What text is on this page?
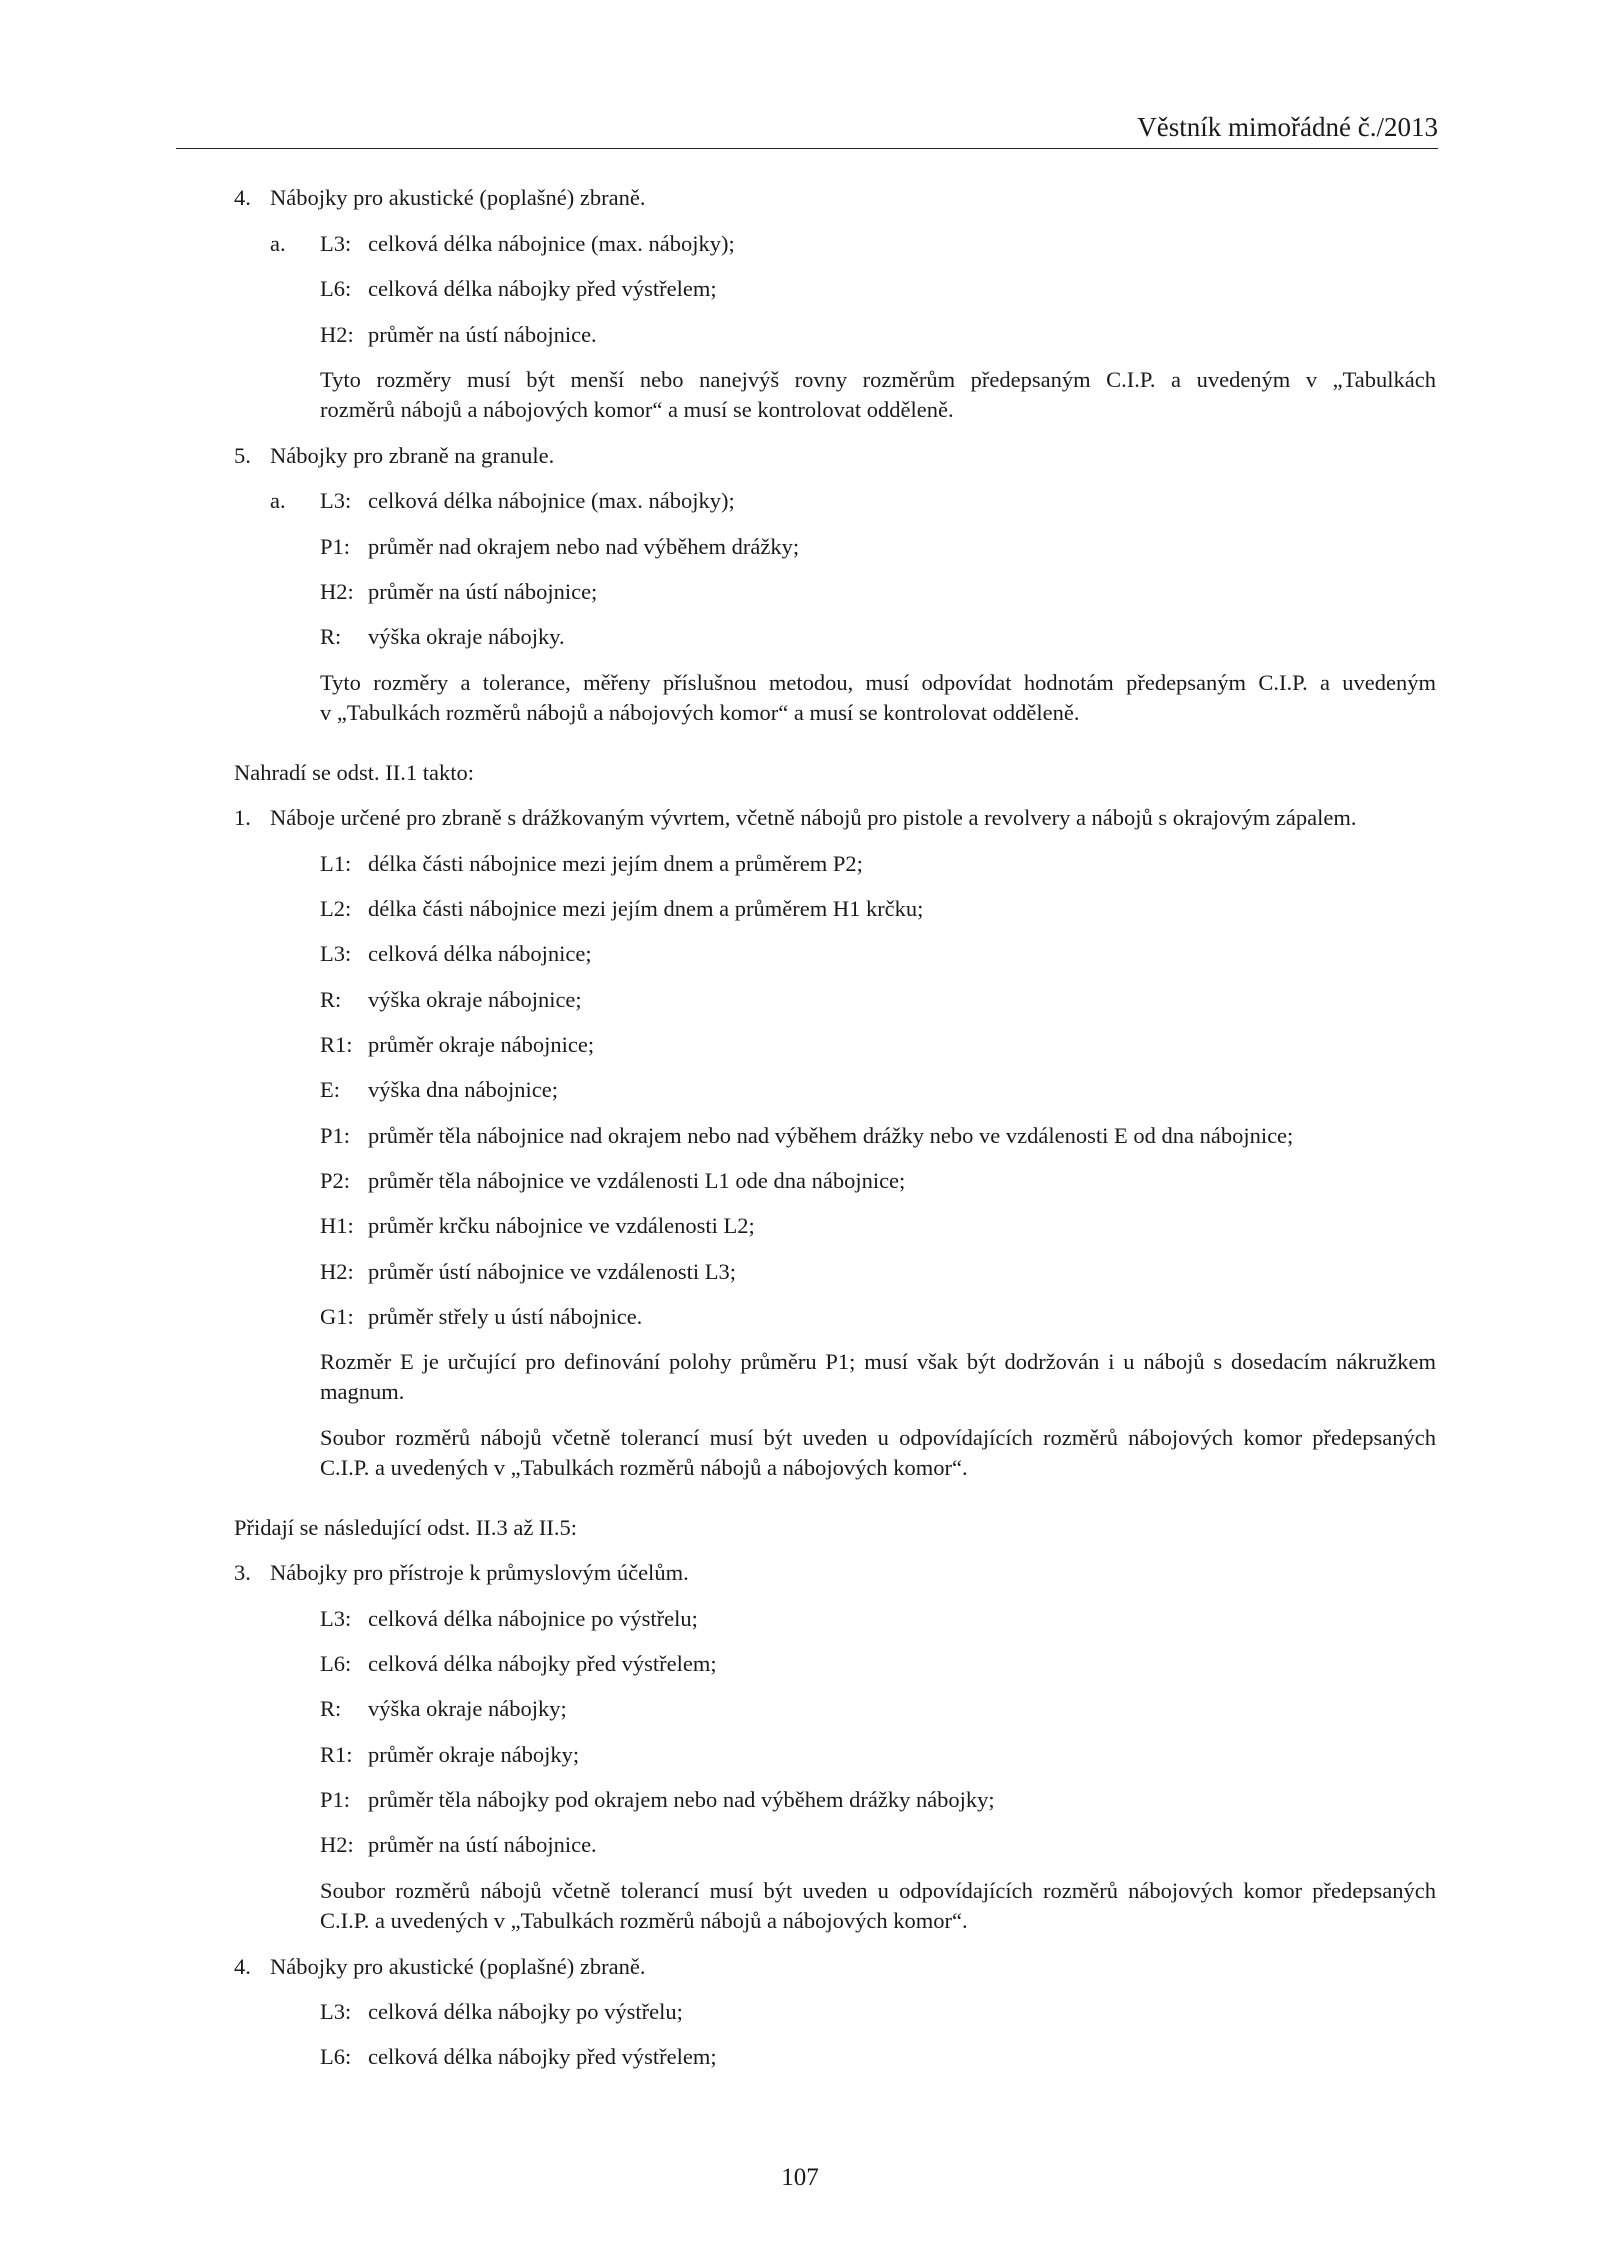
Věstník mimořádné č./2013
4. Nábojky pro akustické (poplašné) zbraně.
a. L3: celková délka nábojnice (max. nábojky);
L6: celková délka nábojky před výstřelem;
H2: průměr na ústí nábojnice.
Tyto rozměry musí být menší nebo nanejvýš rovny rozměrům předepsaným C.I.P. a uvedeným v „Tabulkách
rozměrů nábojů a nábojových komor“ a musí se kontrolovat odděleně.
5. Nábojky pro zbraně na granule.
a. L3: celková délka nábojnice (max. nábojky);
P1: průměr nad okrajem nebo nad výběhem drážky;
H2: průměr na ústí nábojnice;
R: výška okraje nábojky.
Tyto rozměry a tolerance, měřeny příslušnou metodou, musí odpovídat hodnotám předepsaným C.I.P. a uvedeným
v „Tabulkách rozměrů nábojů a nábojových komor“ a musí se kontrolovat odděleně.
Nahradí se odst. II.1 takto:
1. Náboje určené pro zbraně s drážkovaným vývrtem, včetně nábojů pro pistole a revolvery a nábojů s okrajovým zápalem.
L1: délka části nábojnice mezi jejím dnem a průměrem P2;
L2: délka části nábojnice mezi jejím dnem a průměrem H1 krčku;
L3: celková délka nábojnice;
R: výška okraje nábojnice;
R1: průměr okraje nábojnice;
E: výška dna nábojnice;
P1: průměr těla nábojnice nad okrajem nebo nad výběhem drážky nebo ve vzdálenosti E od dna nábojnice;
P2: průměr těla nábojnice ve vzdálenosti L1 ode dna nábojnice;
H1: průměr krčku nábojnice ve vzdálenosti L2;
H2: průměr ústí nábojnice ve vzdálenosti L3;
G1: průměr střely u ústí nábojnice.
Rozměr E je určující pro definování polohy průměru P1; musí však být dodržován i u nábojů s dosedacím nákružkem
magnum.
Soubor rozměrů nábojů včetně tolerancí musí být uveden u odpovídajících rozměrů nábojových komor předepsaných
C.I.P. a uvedených v „Tabulkách rozměrů nábojů a nábojových komor“.
Přidají se následující odst. II.3 až II.5:
3. Nábojky pro přístroje k průmyslovým účelům.
L3: celková délka nábojnice po výstřelu;
L6: celková délka nábojky před výstřelem;
R: výška okraje nábojky;
R1: průměr okraje nábojky;
P1: průměr těla nábojky pod okrajem nebo nad výběhem drážky nábojky;
H2: průměr na ústí nábojnice.
Soubor rozměrů nábojů včetně tolerancí musí být uveden u odpovídajících rozměrů nábojových komor předepsaných
C.I.P. a uvedených v „Tabulkách rozměrů nábojů a nábojových komor“.
4. Nábojky pro akustické (poplašné) zbraně.
L3: celková délka nábojky po výstřelu;
L6: celková délka nábojky před výstřelem;
107
